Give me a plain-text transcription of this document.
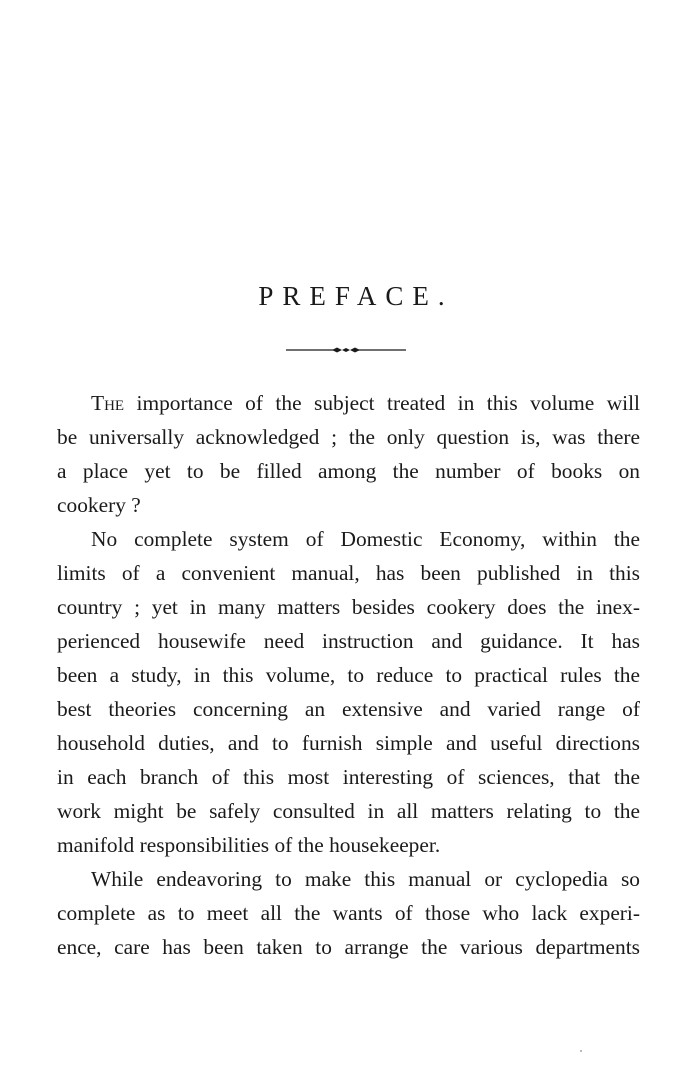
PREFACE.
The importance of the subject treated in this volume will
be universally acknowledged ; the only question is, was there
a place yet to be filled among the number of books on
cookery ?
No complete system of Domestic Economy, within the
limits of a convenient manual, has been published in this
country ; yet in many matters besides cookery does the inex-
perienced housewife need instruction and guidance. It has
been a study, in this volume, to reduce to practical rules the
best theories concerning an extensive and varied range of
household duties, and to furnish simple and useful directions
in each branch of this most interesting of sciences, that the
work might be safely consulted in all matters relating to the
manifold responsibilities of the housekeeper.
While endeavoring to make this manual or cyclopedia so
complete as to meet all the wants of those who lack experi-
ence, care has been taken to arrange the various departments
